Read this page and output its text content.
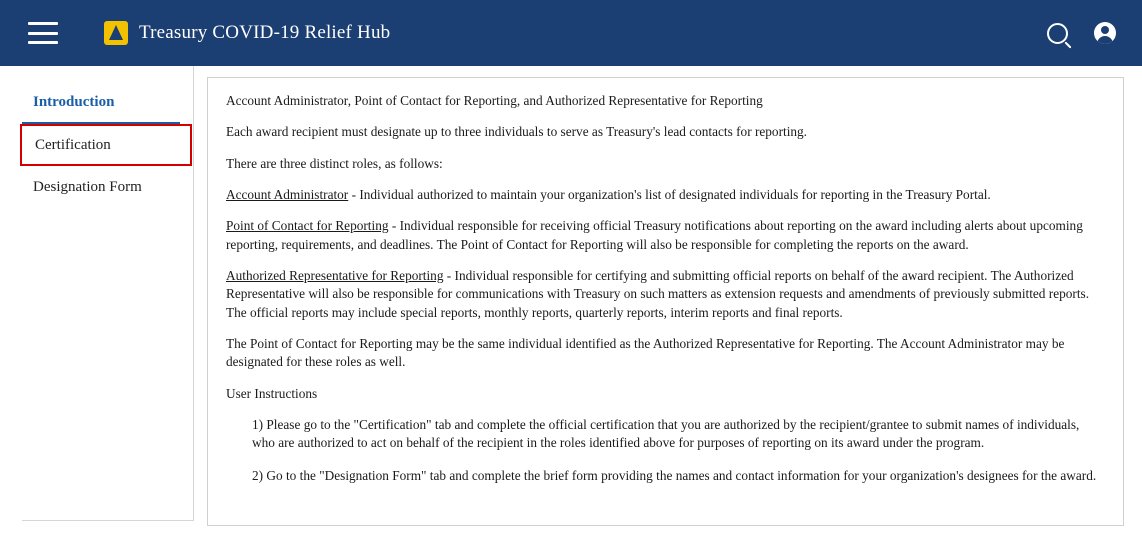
Treasury COVID-19 Relief Hub
Introduction
Certification
Designation Form

Account Administrator, Point of Contact for Reporting, and Authorized Representative for Reporting

Each award recipient must designate up to three individuals to serve as Treasury's lead contacts for reporting.

There are three distinct roles, as follows:

Account Administrator - Individual authorized to maintain your organization's list of designated individuals for reporting in the Treasury Portal.

Point of Contact for Reporting - Individual responsible for receiving official Treasury notifications about reporting on the award including alerts about upcoming reporting, requirements, and deadlines. The Point of Contact for Reporting will also be responsible for completing the reports on the award.

Authorized Representative for Reporting - Individual responsible for certifying and submitting official reports on behalf of the award recipient. The Authorized Representative will also be responsible for communications with Treasury on such matters as extension requests and amendments of previously submitted reports. The official reports may include special reports, monthly reports, quarterly reports, interim reports and final reports.

The Point of Contact for Reporting may be the same individual identified as the Authorized Representative for Reporting. The Account Administrator may be designated for these roles as well.

User Instructions

1) Please go to the "Certification" tab and complete the official certification that you are authorized by the recipient/grantee to submit names of individuals, who are authorized to act on behalf of the recipient in the roles identified above for purposes of reporting on its award under the program.

2) Go to the "Designation Form" tab and complete the brief form providing the names and contact information for your organization's designees for the award.
